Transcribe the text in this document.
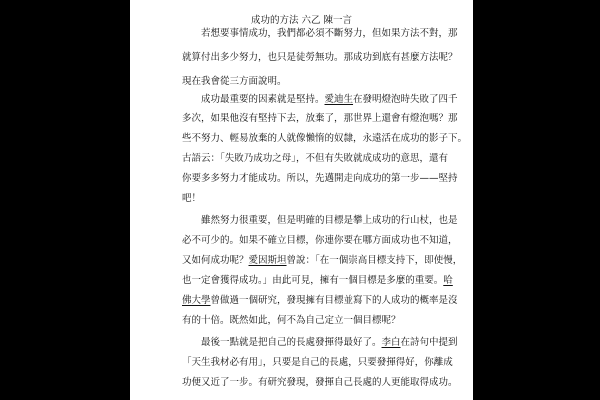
成功的方法 六乙 陳一言
若想要事情成功，我們都必須不斷努力，但如果方法不對，那
就算付出多少努力，也只是徒勞無功。那成功到底有甚麼方法呢？
現在我會從三方面說明。
成功最重要的因素就是堅持。愛迪生在發明燈泡時失敗了四千
多次，如果他沒有堅持下去，放棄了，那世界上還會有燈泡嗎？那
些不努力、輕易放棄的人就像懶惰的奴隸，永遠活在成功的影子下。
古語云：「失敗乃成功之母」，不但有失敗就成成功的意思，還有
你要多多努力才能成功。所以，先邁開走向成功的第一步——堅持
吧！
雖然努力很重要，但是明確的目標是攀上成功的行山杖，也是
必不可少的。如果不確立目標，你連你要在哪方面成功也不知道，
又如何成功呢？愛因斯坦曾說：「在一個崇高目標支持下，即使慢，
也一定會獲得成功。」由此可見，擁有一個目標是多麼的重要。哈
佛大學曾做過一個研究，發現擁有目標並寫下的人成功的概率是沒
有的十倍。既然如此，何不為自己定立一個目標呢？
最後一點就是把自己的長處發揮得最好了。李白在詩句中提到
「天生我材必有用」，只要是自己的長處，只要發揮得好，你離成
功便又近了一步。有研究發現，發揮自己長處的人更能取得成功。
